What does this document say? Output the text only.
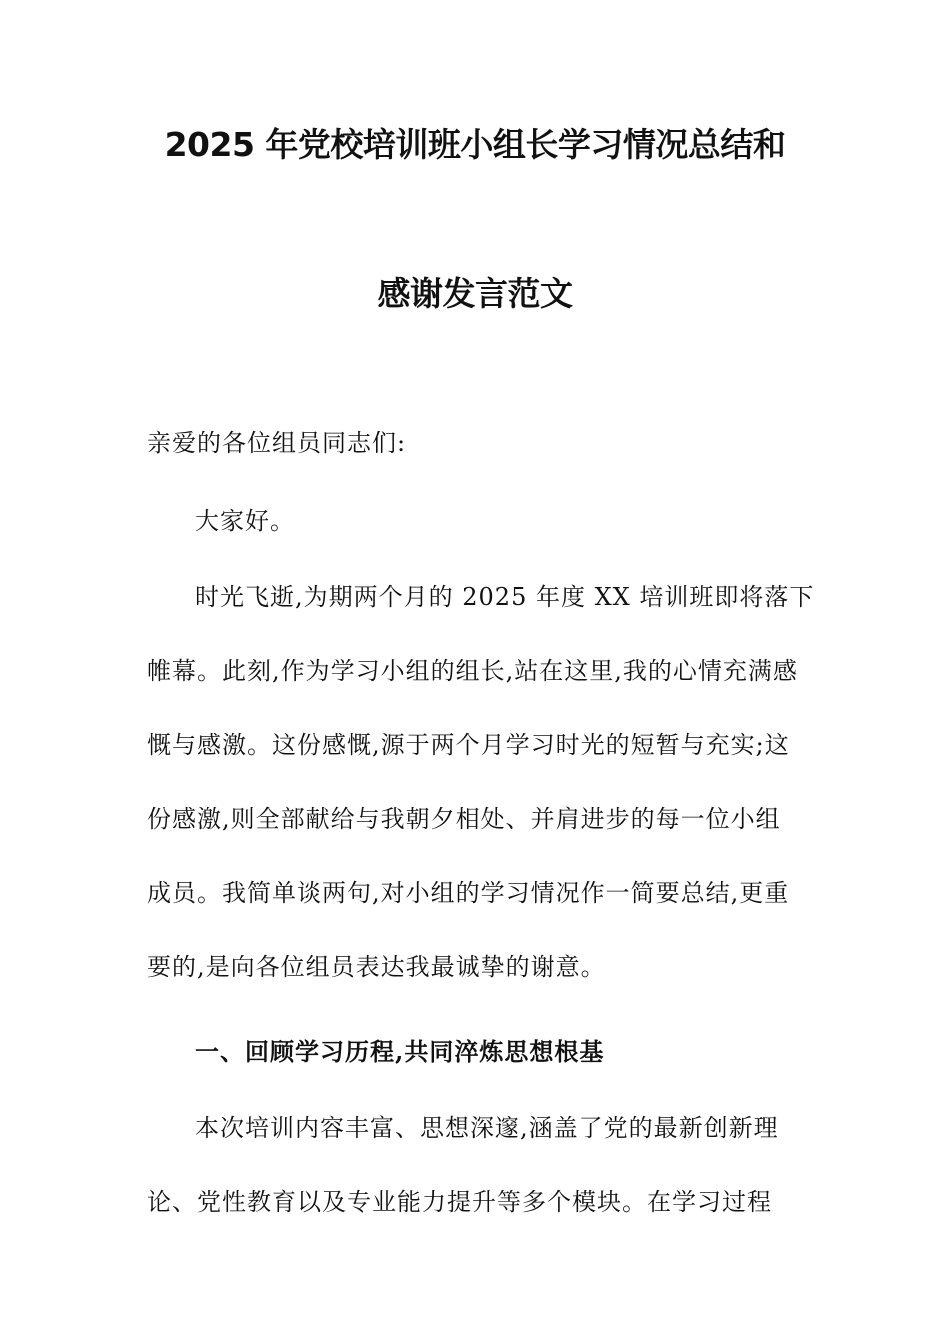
2025 年党校培训班小组长学习情况总结和
感谢发言范文
亲爱的各位组员同志们:
大家好。
时光飞逝,为期两个月的 2025 年度 XX 培训班即将落下
帷幕。此刻,作为学习小组的组长,站在这里,我的心情充满感
慨与感激。这份感慨,源于两个月学习时光的短暂与充实;这
份感激,则全部献给与我朝夕相处、并肩进步的每一位小组
成员。我简单谈两句,对小组的学习情况作一简要总结,更重
要的,是向各位组员表达我最诚挚的谢意。
一、回顾学习历程,共同淬炼思想根基
本次培训内容丰富、思想深邃,涵盖了党的最新创新理
论、党性教育以及专业能力提升等多个模块。在学习过程
